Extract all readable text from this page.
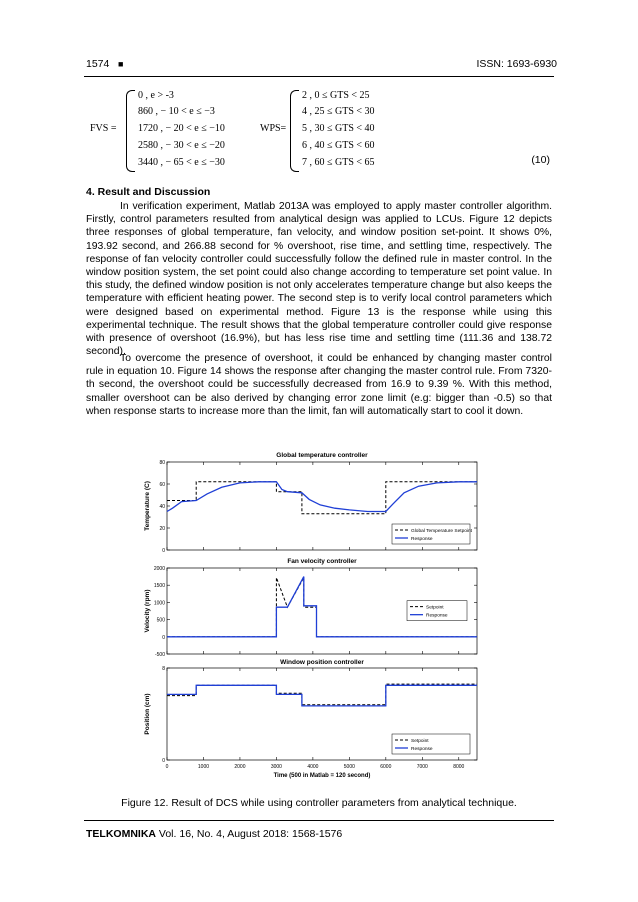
1574 ■	ISSN: 1693-6930
FVS =
0 , e > -3
860 , − 10 < e ≤ −3
1720 , − 20 < e ≤ −10
2580 , − 30 < e ≤ −20
3440 , − 65 < e ≤ −30
WPS=
2 , 0 ≤ GTS < 25
4 , 25 ≤ GTS < 30
5 , 30 ≤ GTS < 40
6 , 40 ≤ GTS < 60
7 , 60 ≤ GTS < 65	(10)
4. Result and Discussion
In verification experiment, Matlab 2013A was employed to apply master controller algorithm. Firstly, control parameters resulted from analytical design was applied to LCUs. Figure 12 depicts three responses of global temperature, fan velocity, and window position set-point. It shows 0%, 193.92 second, and 266.88 second for % overshoot, rise time, and settling time, respectively. The response of fan velocity controller could successfully follow the defined rule in master control. In the window position system, the set point could also change according to temperature set point value. In this study, the defined window position is not only accelerates temperature change but also keeps the temperature with efficient heating power. The second step is to verify local control parameters which were designed based on experimental method. Figure 13 is the response while using this experimental technique. The result shows that the global temperature controller could give response with presence of overshoot (16.9%), but has less rise time and settling time (111.36 and 138.72 second).
To overcome the presence of overshoot, it could be enhanced by changing master control rule in equation 10. Figure 14 shows the response after changing the master control rule. From 7320-th second, the overshoot could be successfully decreased from 16.9 to 9.39 %. With this method, smaller overshoot can be also derived by changing error zone limit (e.g: bigger than -0.5) so that when response starts to increase more than the limit, fan will automatically start to cool it down.
Global temperature controller
Temperature (C)
0
20
40
60
80
Global Temperature Setpoint
Response
Fan velocity controller
Velocity (rpm)
-500
0
500
1000
1500
2000
Setpoint
Response
Window position controller
Position (cm)
0
8
0	1000	2000	3000	4000	5000	6000	7000	8000
Time (500 in Matlab = 120 second)
Setpoint
Response
Figure 12. Result of DCS while using controller parameters from analytical technique.
TELKOMNIKA Vol. 16, No. 4, August 2018: 1568-1576
